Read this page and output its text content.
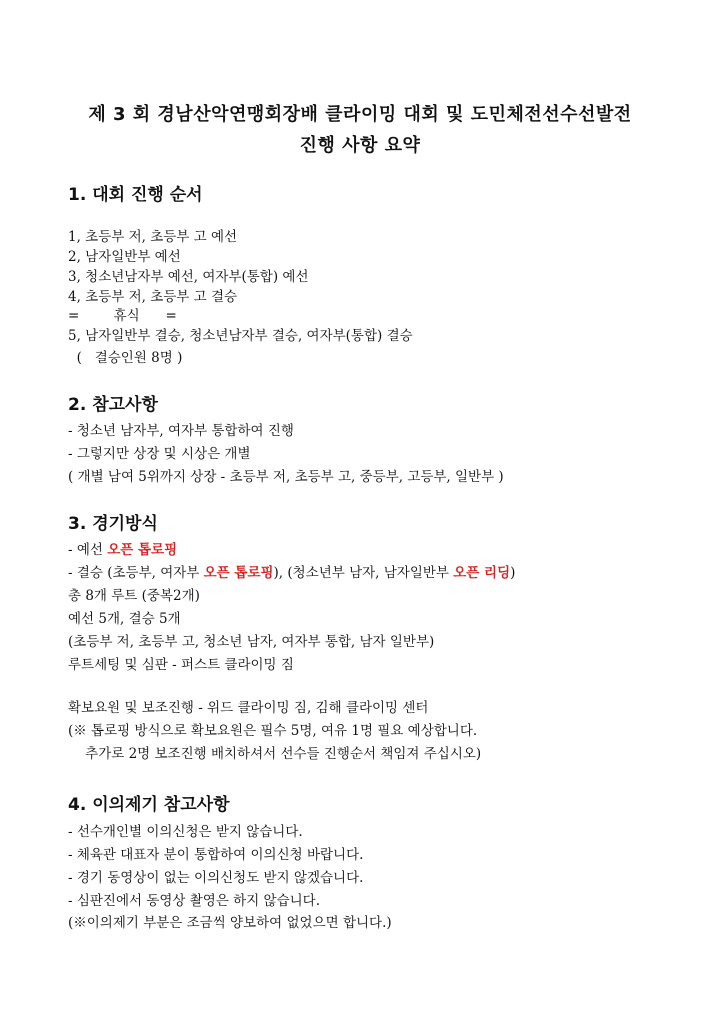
제 3 회 경남산악연맹회장배 클라이밍 대회 및 도민체전선수선발전
진행 사항 요약
1. 대회 진행 순서
1, 초등부 저, 초등부 고 예선
2, 남자일반부 예선
3, 청소년남자부 예선, 여자부(통합) 예선
4, 초등부 저, 초등부 고 결승
=        휴식      =
5, 남자일반부 결승, 청소년남자부 결승, 여자부(통합) 결승
(   결승인원 8명 )
2. 참고사항
- 청소년 남자부, 여자부 통합하여 진행
- 그렇지만 상장 및 시상은 개별
( 개별 남여 5위까지 상장 - 초등부 저, 초등부 고, 중등부, 고등부, 일반부 )
3. 경기방식
- 예선 오픈 톱로핑
- 결승 (초등부, 여자부 오픈 톱로핑), (청소년부 남자, 남자일반부 오픈 리딩)
총 8개 루트 (중복2개)
예선 5개, 결승 5개
(초등부 저, 초등부 고, 청소년 남자, 여자부 통합, 남자 일반부)
루트세팅 및 심판 - 퍼스트 클라이밍 짐
확보요원 및 보조진행 - 위드 클라이밍 짐, 김해 클라이밍 센터
(※ 톱로핑 방식으로 확보요원은 필수 5명, 여유 1명 필요 예상합니다.
추가로 2명 보조진행 배치하셔서 선수들 진행순서 책임져 주십시오)
4. 이의제기 참고사항
- 선수개인별 이의신청은 받지 않습니다.
- 체육관 대표자 분이 통합하여 이의신청 바랍니다.
- 경기 동영상이 없는 이의신청도 받지 않겠습니다.
- 심판진에서 동영상 촬영은 하지 않습니다.
(※이의제기 부분은 조금씩 양보하여 없었으면 합니다.)
